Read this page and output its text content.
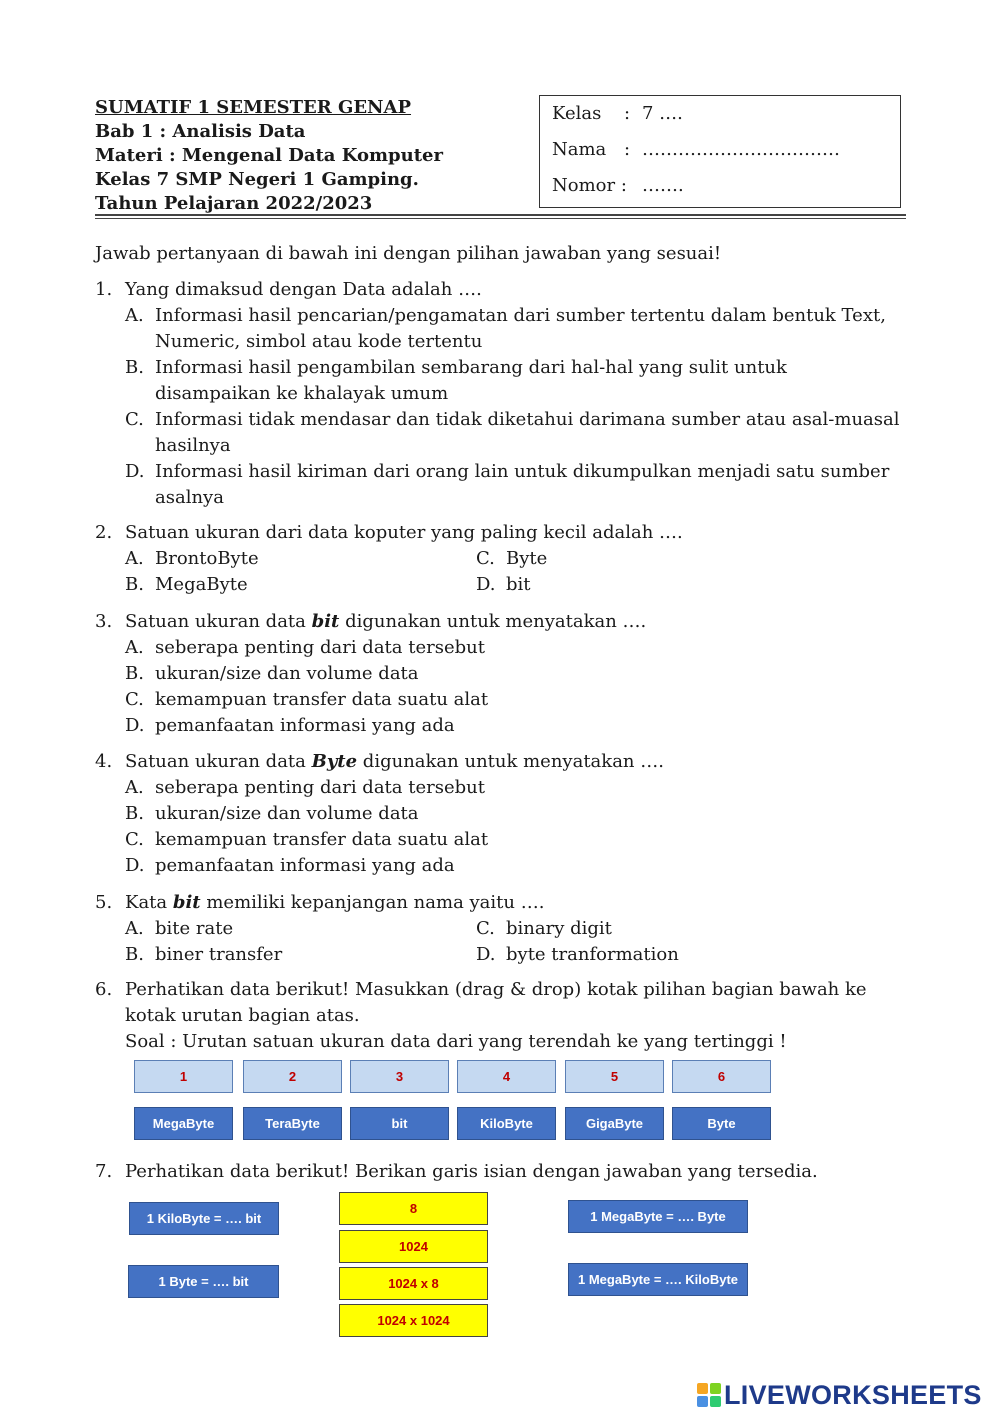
SUMATIF 1 SEMESTER GENAP
Bab 1 : Analisis Data
Materi : Mengenal Data Komputer
Kelas 7 SMP Negeri 1 Gamping.
Tahun Pelajaran 2022/2023
Kelas : 7 ….
Nama : ……………………………
Nomor : …….
Jawab pertanyaan di bawah ini dengan pilihan jawaban yang sesuai!
1. Yang dimaksud dengan Data adalah ….
A. Informasi hasil pencarian/pengamatan dari sumber tertentu dalam bentuk Text, Numeric, simbol atau kode tertentu
B. Informasi hasil pengambilan sembarang dari hal-hal yang sulit untuk disampaikan ke khalayak umum
C. Informasi tidak mendasar dan tidak diketahui darimana sumber atau asal-muasal hasilnya
D. Informasi hasil kiriman dari orang lain untuk dikumpulkan menjadi satu sumber asalnya
2. Satuan ukuran dari data koputer yang paling kecil adalah ….
A. BrontoByte	C. Byte
B. MegaByte	D. bit
3. Satuan ukuran data bit digunakan untuk menyatakan ….
A. seberapa penting dari data tersebut
B. ukuran/size dan volume data
C. kemampuan transfer data suatu alat
D. pemanfaatan informasi yang ada
4. Satuan ukuran data Byte digunakan untuk menyatakan ….
A. seberapa penting dari data tersebut
B. ukuran/size dan volume data
C. kemampuan transfer data suatu alat
D. pemanfaatan informasi yang ada
5. Kata bit memiliki kepanjangan nama yaitu ….
A. bite rate	C. binary digit
B. biner transfer	D. byte tranformation
6. Perhatikan data berikut! Masukkan (drag & drop) kotak pilihan bagian bawah ke kotak urutan bagian atas.
Soal : Urutan satuan ukuran data dari yang terendah ke yang tertinggi !
1	2	3	4	5	6
MegaByte	TeraByte	bit	KiloByte	GigaByte	Byte
7. Perhatikan data berikut! Berikan garis isian dengan jawaban yang tersedia.
1 KiloByte = …. bit
1 Byte = …. bit
8
1024
1024 x 8
1024 x 1024
1 MegaByte = …. Byte
1 MegaByte = …. KiloByte
LIVEWORKSHEETS
